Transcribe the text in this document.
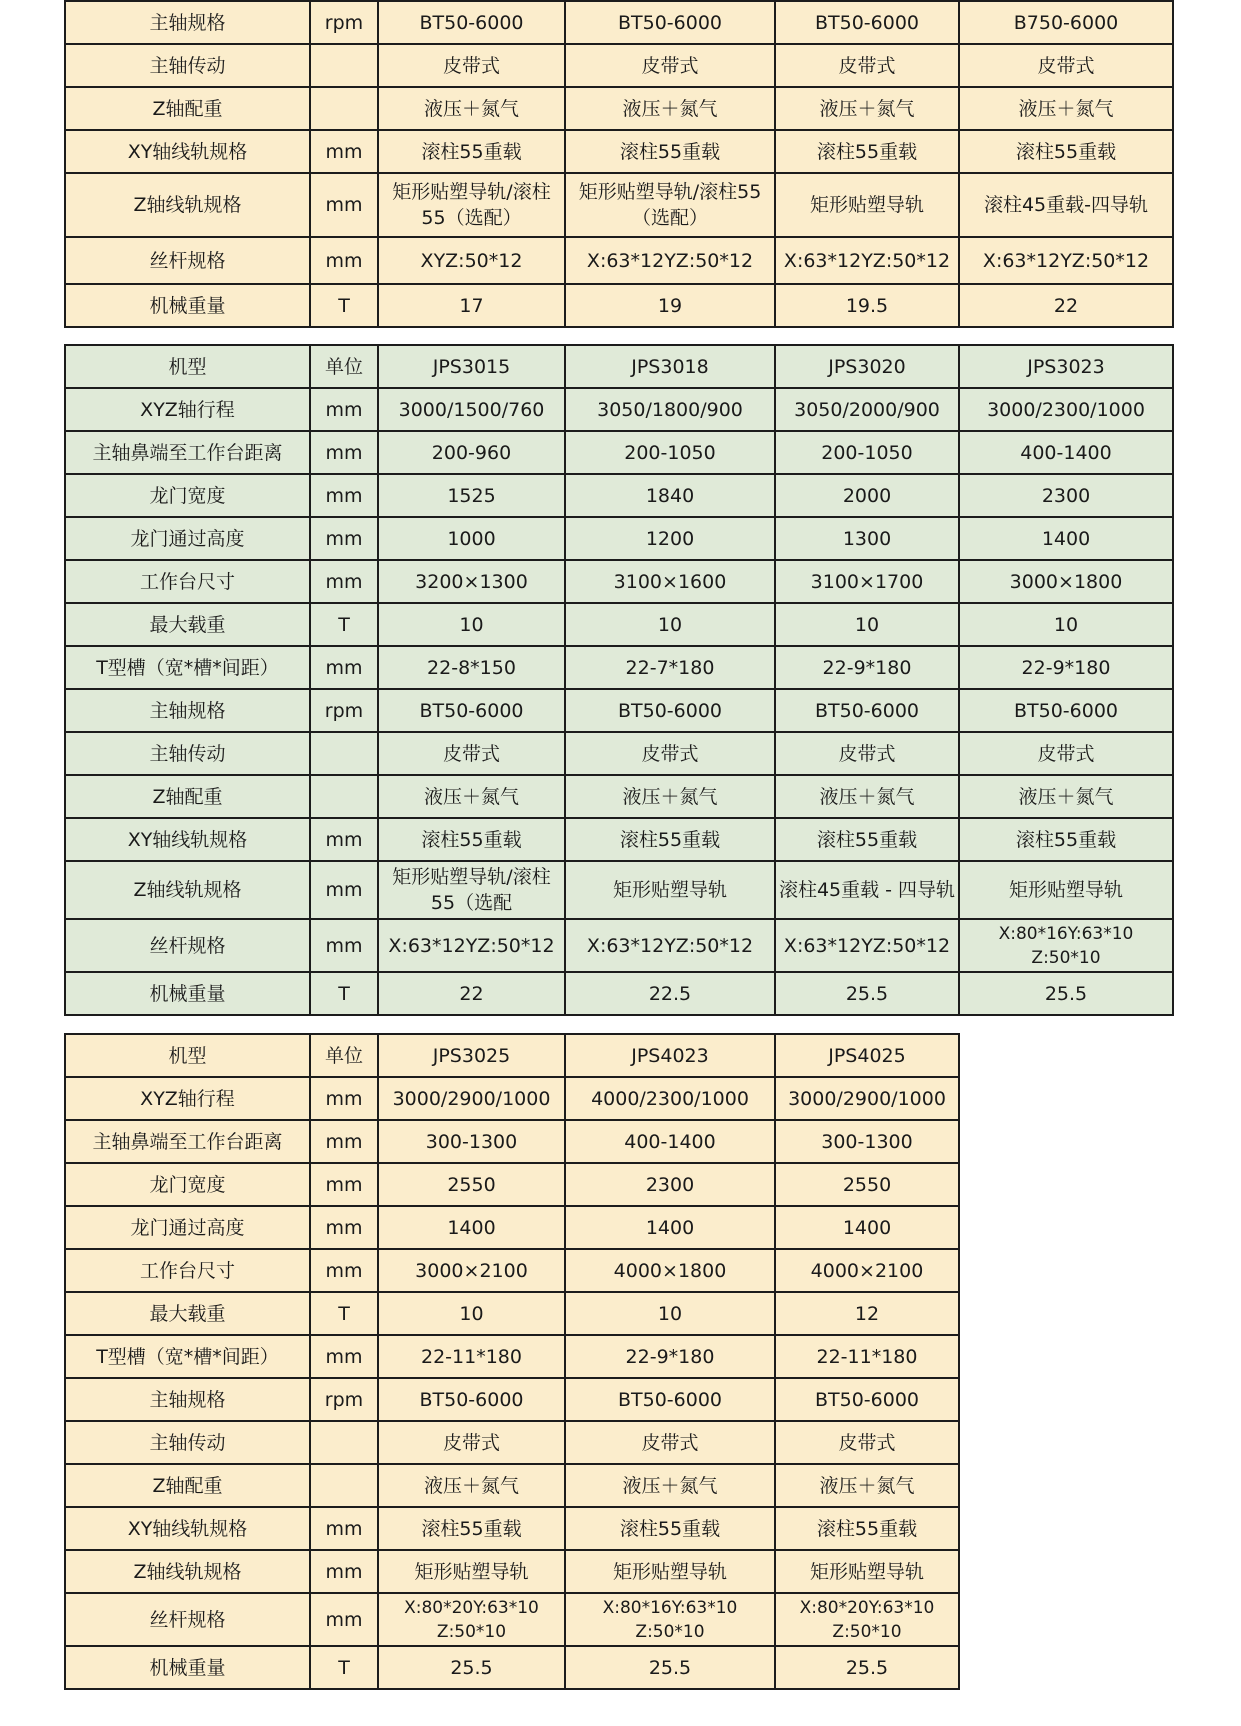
主轴规格	rpm	BT50-6000	BT50-6000	BT50-6000	B750-6000
主轴传动		皮带式	皮带式	皮带式	皮带式
Z轴配重		液压＋氮气	液压＋氮气	液压＋氮气	液压＋氮气
XY轴线轨规格	mm	滚柱55重载	滚柱55重载	滚柱55重载	滚柱55重载
Z轴线轨规格	mm	矩形贴塑导轨/滚柱55（选配）	矩形贴塑导轨/滚柱55（选配）	矩形贴塑导轨	滚柱45重载-四导轨
丝杆规格	mm	XYZ:50*12	X:63*12YZ:50*12	X:63*12YZ:50*12	X:63*12YZ:50*12
机械重量	T	17	19	19.5	22
机型	单位	JPS3015	JPS3018	JPS3020	JPS3023
XYZ轴行程	mm	3000/1500/760	3050/1800/900	3050/2000/900	3000/2300/1000
主轴鼻端至工作台距离	mm	200-960	200-1050	200-1050	400-1400
龙门宽度	mm	1525	1840	2000	2300
龙门通过高度	mm	1000	1200	1300	1400
工作台尺寸	mm	3200×1300	3100×1600	3100×1700	3000×1800
最大载重	T	10	10	10	10
T型槽（宽*槽*间距）	mm	22-8*150	22-7*180	22-9*180	22-9*180
主轴规格	rpm	BT50-6000	BT50-6000	BT50-6000	BT50-6000
主轴传动		皮带式	皮带式	皮带式	皮带式
Z轴配重		液压＋氮气	液压＋氮气	液压＋氮气	液压＋氮气
XY轴线轨规格	mm	滚柱55重载	滚柱55重载	滚柱55重载	滚柱55重载
Z轴线轨规格	mm	矩形贴塑导轨/滚柱55（选配	矩形贴塑导轨	滚柱45重载 - 四导轨	矩形贴塑导轨
丝杆规格	mm	X:63*12YZ:50*12	X:63*12YZ:50*12	X:63*12YZ:50*12	X:80*16Y:63*10 Z:50*10
机械重量	T	22	22.5	25.5	25.5
机型	单位	JPS3025	JPS4023	JPS4025
XYZ轴行程	mm	3000/2900/1000	4000/2300/1000	3000/2900/1000
主轴鼻端至工作台距离	mm	300-1300	400-1400	300-1300
龙门宽度	mm	2550	2300	2550
龙门通过高度	mm	1400	1400	1400
工作台尺寸	mm	3000×2100	4000×1800	4000×2100
最大载重	T	10	10	12
T型槽（宽*槽*间距）	mm	22-11*180	22-9*180	22-11*180
主轴规格	rpm	BT50-6000	BT50-6000	BT50-6000
主轴传动		皮带式	皮带式	皮带式
Z轴配重		液压＋氮气	液压＋氮气	液压＋氮气
XY轴线轨规格	mm	滚柱55重载	滚柱55重载	滚柱55重载
Z轴线轨规格	mm	矩形贴塑导轨	矩形贴塑导轨	矩形贴塑导轨
丝杆规格	mm	X:80*20Y:63*10 Z:50*10	X:80*16Y:63*10 Z:50*10	X:80*20Y:63*10 Z:50*10
机械重量	T	25.5	25.5	25.5
